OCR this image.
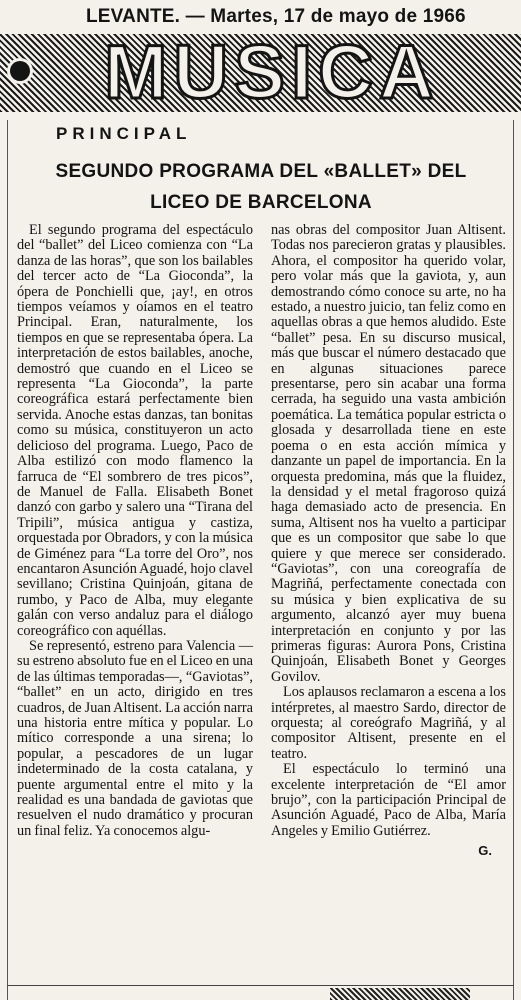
LEVANTE. — Martes, 17 de mayo de 1966
MUSICA
PRINCIPAL
SEGUNDO PROGRAMA DEL «BALLET» DEL
LICEO DE BARCELONA

El segundo programa del espectáculo del “ballet” del Liceo comienza con “La danza de las horas”, que son los bailables del tercer acto de “La Gioconda”, la ópera de Ponchielli que, ¡ay!, en otros tiempos veíamos y oíamos en el teatro Principal. Eran, naturalmente, los tiempos en que se representaba ópera. La interpretación de estos bailables, anoche, demostró que cuando en el Liceo se representa “La Gioconda”, la parte coreográfica estará perfectamente bien servida. Anoche estas danzas, tan bonitas como su música, constituyeron un acto delicioso del programa. Luego, Paco de Alba estilizó con modo flamenco la farruca de “El sombrero de tres picos”, de Manuel de Falla. Elisabeth Bonet danzó con garbo y salero una “Tirana del Tripili”, música antigua y castiza, orquestada por Obradors, y con la música de Giménez para “La torre del Oro”, nos encantaron Asunción Aguadé, hojo clavel sevillano; Cristina Quinjoán, gitana de rumbo, y Paco de Alba, muy elegante galán con verso andaluz para el diálogo coreográfico con aquéllas.

Se representó, estreno para Valencia —su estreno absoluto fue en el Liceo en una de las últimas temporadas—, “Gaviotas”, “ballet” en un acto, dirigido en tres cuadros, de Juan Altisent. La acción narra una historia entre mítica y popular. Lo mítico corresponde a una sirena; lo popular, a pescadores de un lugar indeterminado de la costa catalana, y puente argumental entre el mito y la realidad es una bandada de gaviotas que resuelven el nudo dramático y procuran un final feliz. Ya conocemos algu-

nas obras del compositor Juan Altisent. Todas nos parecieron gratas y plausibles. Ahora, el compositor ha querido volar, pero volar más que la gaviota, y, aun demostrando cómo conoce su arte, no ha estado, a nuestro juicio, tan feliz como en aquellas obras a que hemos aludido. Este “ballet” pesa. En su discurso musical, más que buscar el número destacado que en algunas situaciones parece presentarse, pero sin acabar una forma cerrada, ha seguido una vasta ambición poemática. La temática popular estricta o glosada y desarrollada tiene en este poema o en esta acción mímica y danzante un papel de importancia. En la orquesta predomina, más que la fluidez, la densidad y el metal fragoroso quizá haga demasiado acto de presencia. En suma, Altisent nos ha vuelto a participar que es un compositor que sabe lo que quiere y que merece ser considerado. “Gaviotas”, con una coreografía de Magriñá, perfectamente conectada con su música y bien explicativa de su argumento, alcanzó ayer muy buena interpretación en conjunto y por las primeras figuras: Aurora Pons, Cristina Quinjoán, Elisabeth Bonet y Georges Govilov.

Los aplausos reclamaron a escena a los intérpretes, al maestro Sardo, director de orquesta; al coreógrafo Magriñá, y al compositor Altisent, presente en el teatro.

El espectáculo lo terminó una excelente interpretación de “El amor brujo”, con la participación Principal de Asunción Aguadé, Paco de Alba, María Angeles y Emilio Gutiérrez.

G.
